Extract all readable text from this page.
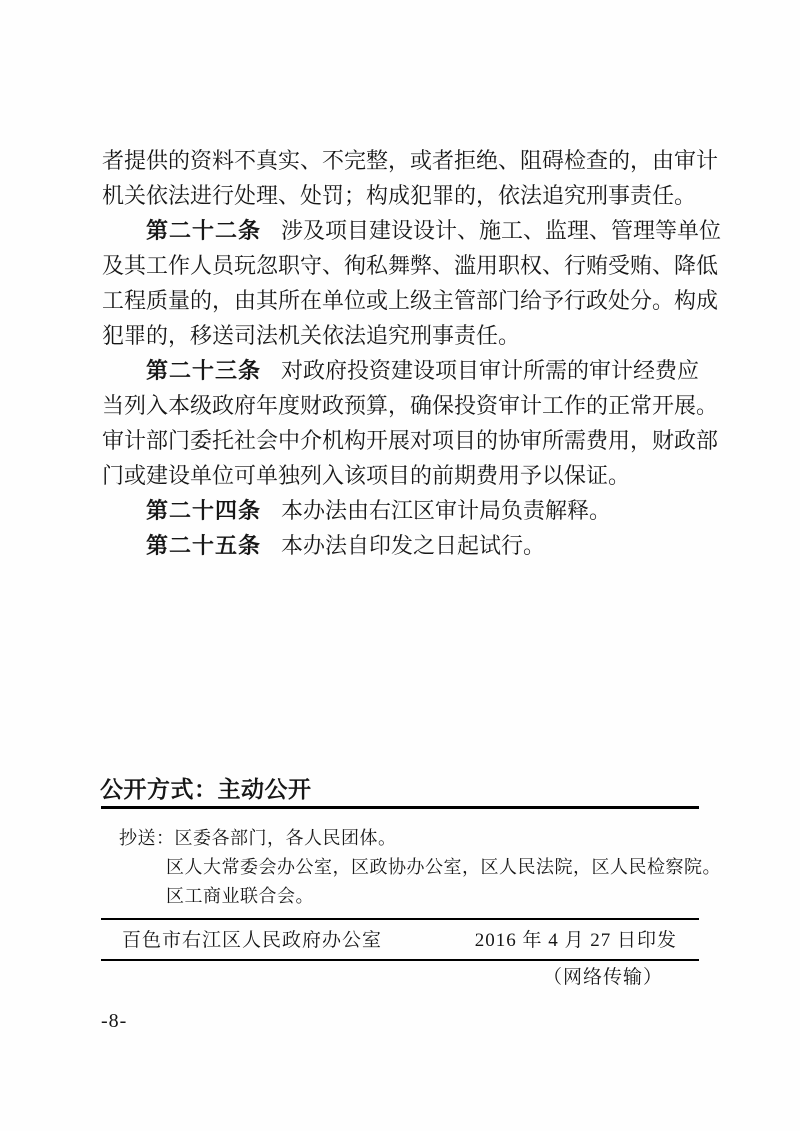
者提供的资料不真实、不完整，或者拒绝、阻碍检查的，由审计
机关依法进行处理、处罚；构成犯罪的，依法追究刑事责任。
第二十二条 涉及项目建设设计、施工、监理、管理等单位
及其工作人员玩忽职守、徇私舞弊、滥用职权、行贿受贿、降低
工程质量的，由其所在单位或上级主管部门给予行政处分。构成
犯罪的，移送司法机关依法追究刑事责任。
第二十三条 对政府投资建设项目审计所需的审计经费应
当列入本级政府年度财政预算，确保投资审计工作的正常开展。
审计部门委托社会中介机构开展对项目的协审所需费用，财政部
门或建设单位可单独列入该项目的前期费用予以保证。
第二十四条 本办法由右江区审计局负责解释。
第二十五条 本办法自印发之日起试行。
公开方式：主动公开
抄送：区委各部门，各人民团体。
区人大常委会办公室，区政协办公室，区人民法院，区人民检察院。
区工商业联合会。
百色市右江区人民政府办公室	2016 年 4 月 27 日印发
（网络传输）
-8-
